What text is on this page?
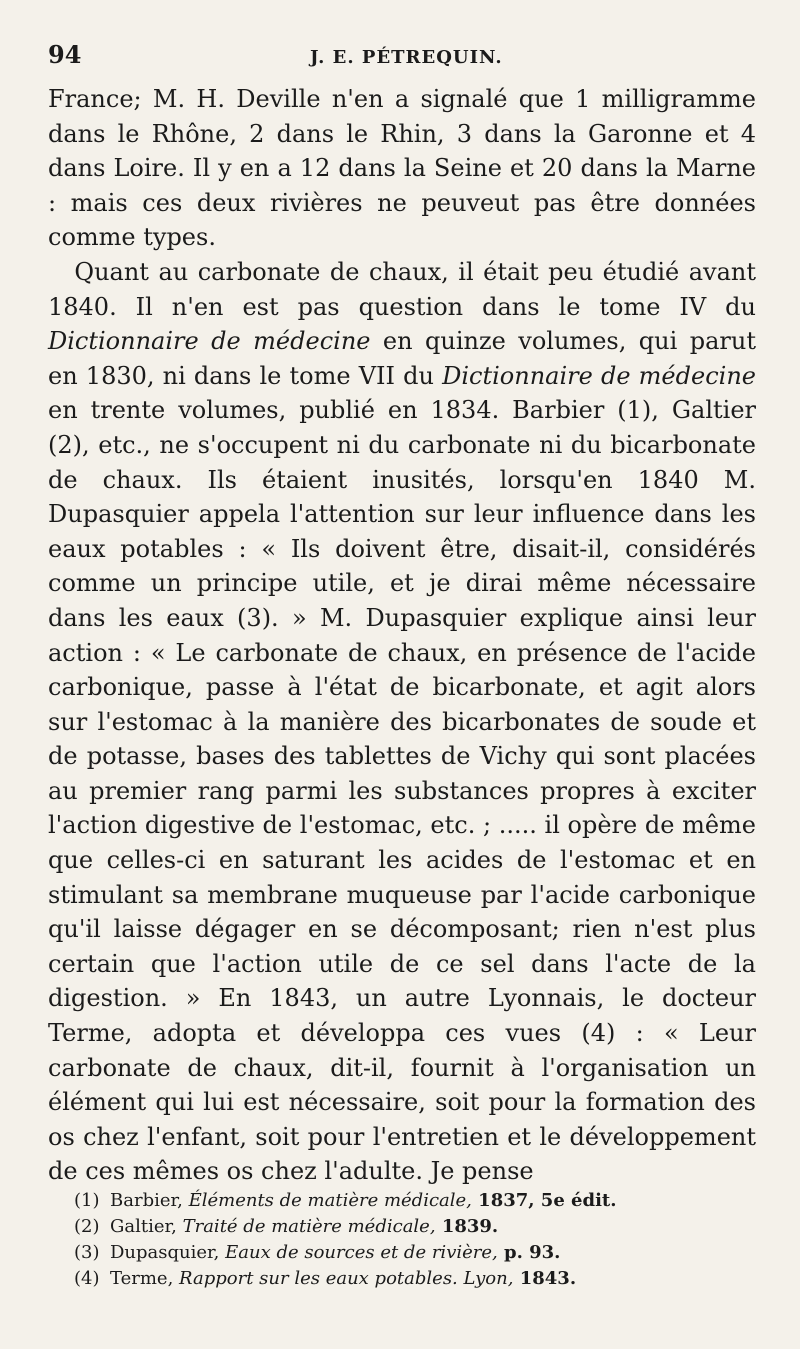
94	J. E. PÉTREQUIN.

France; M. H. Deville n'en a signalé que 1 milligramme dans le Rhône, 2 dans le Rhin, 3 dans la Garonne et 4 dans Loire. Il y en a 12 dans la Seine et 20 dans la Marne : mais ces deux rivières ne peuveut pas être données comme types.

Quant au carbonate de chaux, il était peu étudié avant 1840. Il n'en est pas question dans le tome IV du Dictionnaire de médecine en quinze volumes, qui parut en 1830, ni dans le tome VII du Dictionnaire de médecine en trente volumes, publié en 1834. Barbier (1), Galtier (2), etc., ne s'occupent ni du carbonate ni du bicarbonate de chaux. Ils étaient inusités, lorsqu'en 1840 M. Dupasquier appela l'attention sur leur influence dans les eaux potables : « Ils doivent être, disait-il, considérés comme un principe utile, et je dirai même nécessaire dans les eaux (3). » M. Dupasquier explique ainsi leur action : « Le carbonate de chaux, en présence de l'acide carbonique, passe à l'état de bicarbonate, et agit alors sur l'estomac à la manière des bicarbonates de soude et de potasse, bases des tablettes de Vichy qui sont placées au premier rang parmi les substances propres à exciter l'action digestive de l'estomac, etc. ; ..... il opère de même que celles-ci en saturant les acides de l'estomac et en stimulant sa membrane muqueuse par l'acide carbonique qu'il laisse dégager en se décomposant; rien n'est plus certain que l'action utile de ce sel dans l'acte de la digestion. » En 1843, un autre Lyonnais, le docteur Terme, adopta et développa ces vues (4) : « Leur carbonate de chaux, dit-il, fournit à l'organisation un élément qui lui est nécessaire, soit pour la formation des os chez l'enfant, soit pour l'entretien et le développement de ces mêmes os chez l'adulte. Je pense

(1) Barbier, Éléments de matière médicale, 1837, 5e édit.
(2) Galtier, Traité de matière médicale, 1839.
(3) Dupasquier, Eaux de sources et de rivière, p. 93.
(4) Terme, Rapport sur les eaux potables. Lyon, 1843.
